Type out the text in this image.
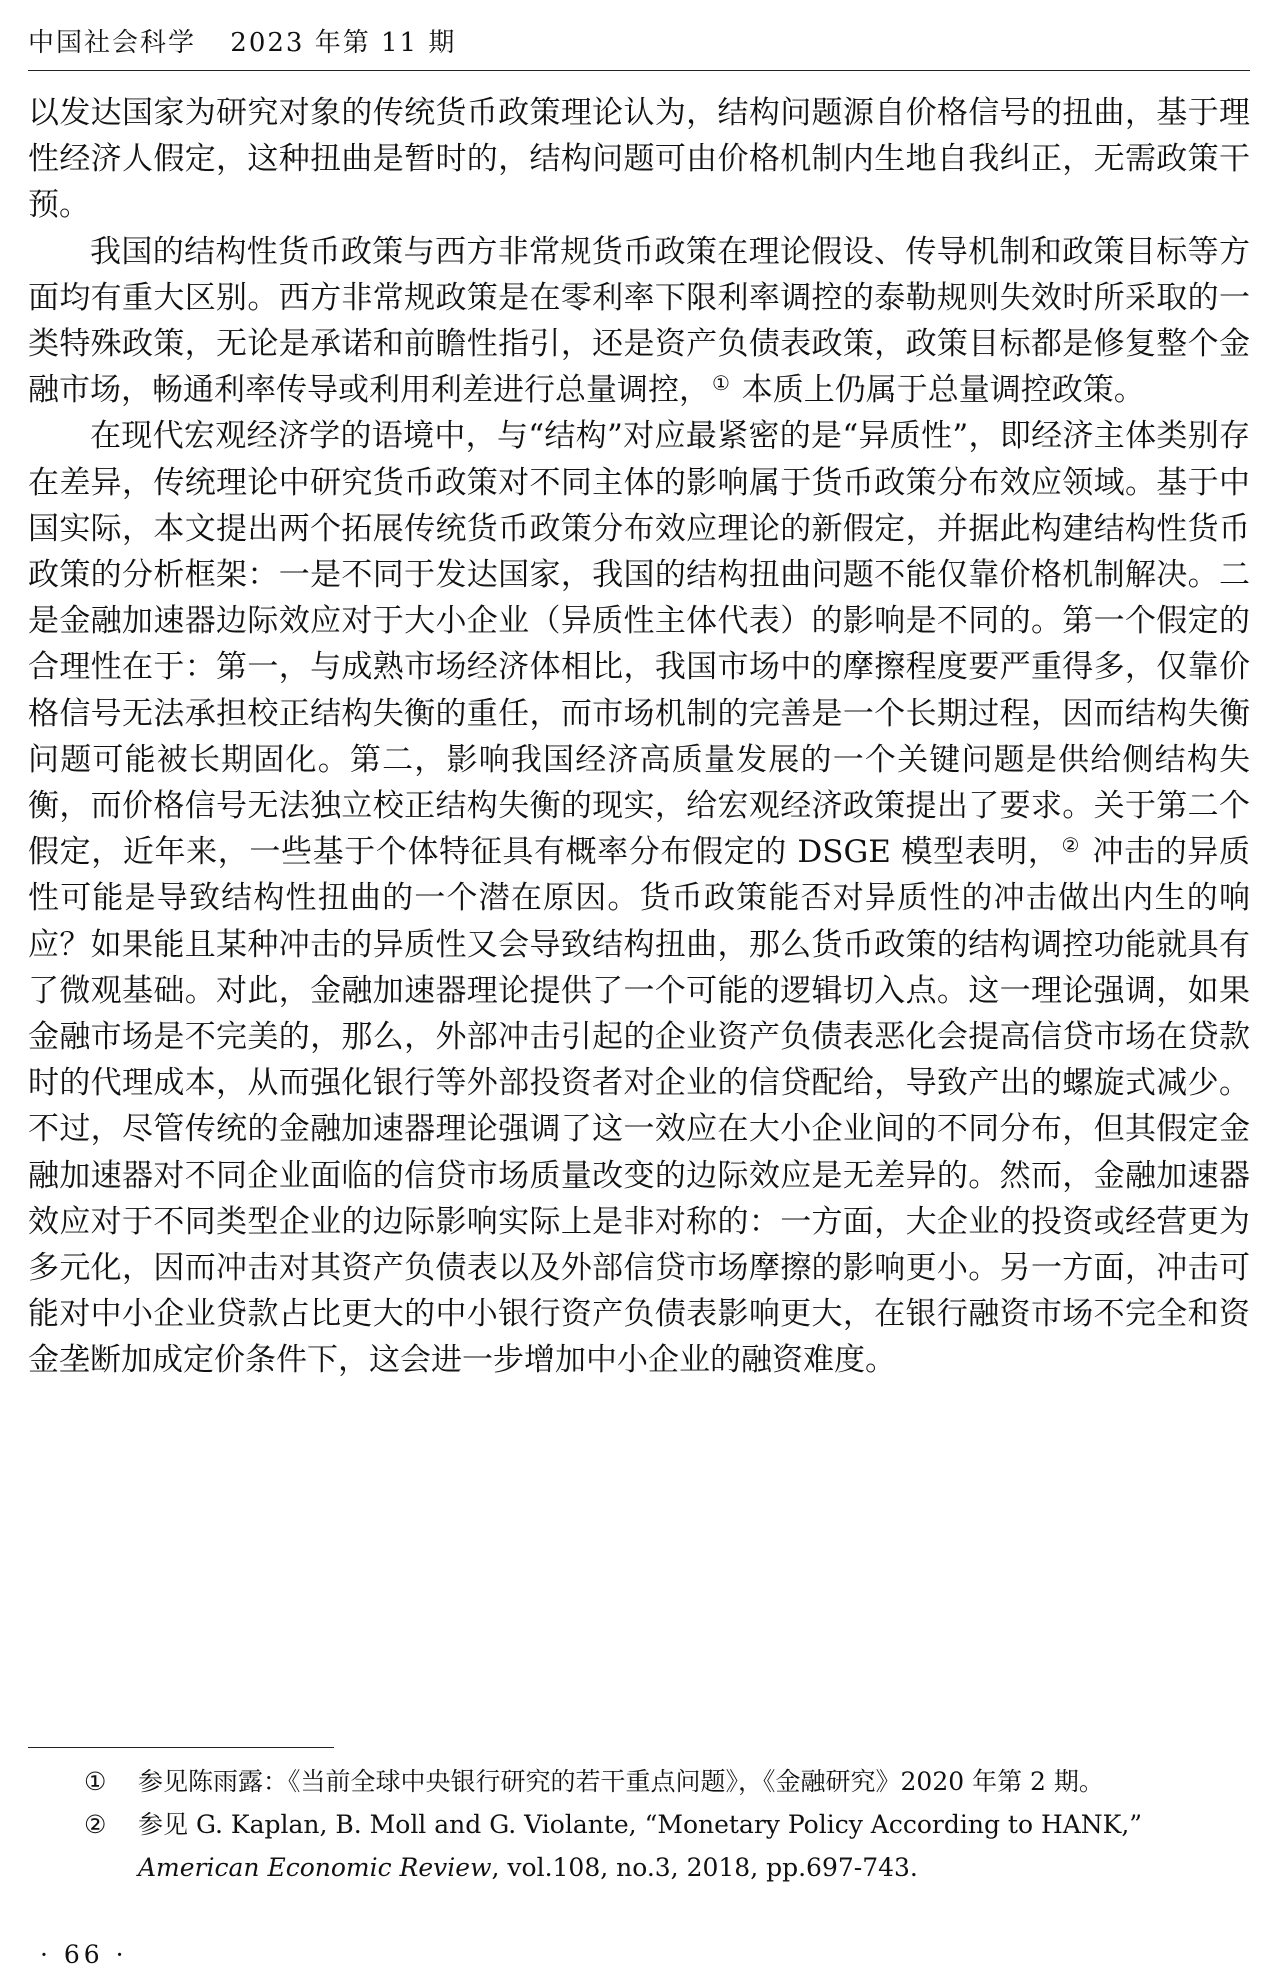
中国社会科学 2023 年第 11 期

以发达国家为研究对象的传统货币政策理论认为，结构问题源自价格信号的扭曲，基于理性经济人假定，这种扭曲是暂时的，结构问题可由价格机制内生地自我纠正，无需政策干预。

我国的结构性货币政策与西方非常规货币政策在理论假设、传导机制和政策目标等方面均有重大区别。西方非常规政策是在零利率下限利率调控的泰勒规则失效时所采取的一类特殊政策，无论是承诺和前瞻性指引，还是资产负债表政策，政策目标都是修复整个金融市场，畅通利率传导或利用利差进行总量调控， ① 本质上仍属于总量调控政策。

在现代宏观经济学的语境中，与“结构”对应最紧密的是“异质性”，即经济主体类别存在差异，传统理论中研究货币政策对不同主体的影响属于货币政策分布效应领域。基于中国实际，本文提出两个拓展传统货币政策分布效应理论的新假定，并据此构建结构性货币政策的分析框架：一是不同于发达国家，我国的结构扭曲问题不能仅靠价格机制解决。二是金融加速器边际效应对于大小企业（异质性主体代表）的影响是不同的。第一个假定的合理性在于：第一，与成熟市场经济体相比，我国市场中的摩擦程度要严重得多，仅靠价格信号无法承担校正结构失衡的重任，而市场机制的完善是一个长期过程，因而结构失衡问题可能被长期固化。第二，影响我国经济高质量发展的一个关键问题是供给侧结构失衡，而价格信号无法独立校正结构失衡的现实，给宏观经济政策提出了要求。关于第二个假定，近年来，一些基于个体特征具有概率分布假定的 DSGE 模型表明， ② 冲击的异质性可能是导致结构性扭曲的一个潜在原因。货币政策能否对异质性的冲击做出内生的响应？如果能且某种冲击的异质性又会导致结构扭曲，那么货币政策的结构调控功能就具有了微观基础。对此，金融加速器理论提供了一个可能的逻辑切入点。这一理论强调，如果金融市场是不完美的，那么，外部冲击引起的企业资产负债表恶化会提高信贷市场在贷款时的代理成本，从而强化银行等外部投资者对企业的信贷配给，导致产出的螺旋式减少。不过，尽管传统的金融加速器理论强调了这一效应在大小企业间的不同分布，但其假定金融加速器对不同企业面临的信贷市场质量改变的边际效应是无差异的。然而，金融加速器效应对于不同类型企业的边际影响实际上是非对称的：一方面，大企业的投资或经营更为多元化，因而冲击对其资产负债表以及外部信贷市场摩擦的影响更小。另一方面，冲击可能对中小企业贷款占比更大的中小银行资产负债表影响更大，在银行融资市场不完全和资金垄断加成定价条件下，这会进一步增加中小企业的融资难度。

①	参见陈雨露：《当前全球中央银行研究的若干重点问题》，《金融研究》2020 年第 2 期。
②	参见 G. Kaplan, B. Moll and G. Violante, “Monetary Policy According to HANK,” American Economic Review, vol.108, no.3, 2018, pp.697-743.
· 66 ·
